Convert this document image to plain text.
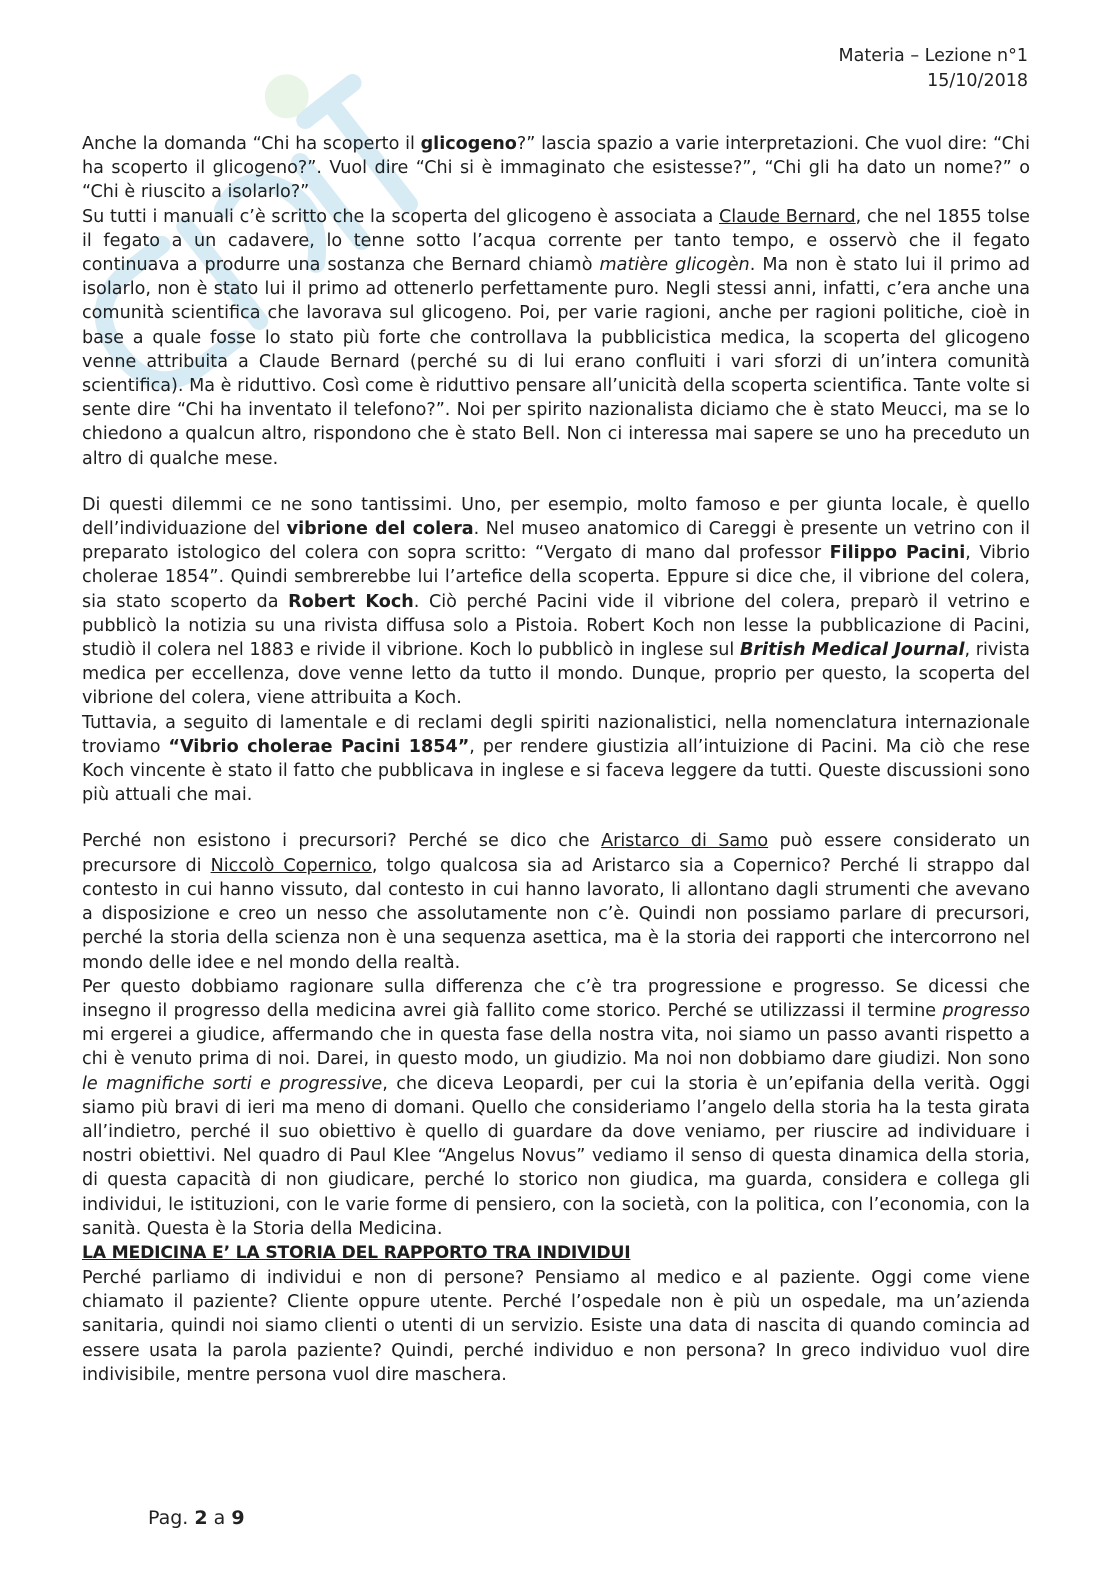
Materia – Lezione n°1
15/10/2018

Anche la domanda “Chi ha scoperto il glicogeno?” lascia spazio a varie interpretazioni. Che vuol dire: “Chi ha scoperto il glicogeno?”. Vuol dire “Chi si è immaginato che esistesse?”, “Chi gli ha dato un nome?” o “Chi è riuscito a isolarlo?”

Su tutti i manuali c’è scritto che la scoperta del glicogeno è associata a Claude Bernard, che nel 1855 tolse il fegato a un cadavere, lo tenne sotto l’acqua corrente per tanto tempo, e osservò che il fegato continuava a produrre una sostanza che Bernard chiamò matière glicogèn. Ma non è stato lui il primo ad isolarlo, non è stato lui il primo ad ottenerlo perfettamente puro. Negli stessi anni, infatti, c’era anche una comunità scientifica che lavorava sul glicogeno. Poi, per varie ragioni, anche per ragioni politiche, cioè in base a quale fosse lo stato più forte che controllava la pubblicistica medica, la scoperta del glicogeno venne attribuita a Claude Bernard (perché su di lui erano confluiti i vari sforzi di un’intera comunità scientifica). Ma è riduttivo. Così come è riduttivo pensare all’unicità della scoperta scientifica. Tante volte si sente dire “Chi ha inventato il telefono?”. Noi per spirito nazionalista diciamo che è stato Meucci, ma se lo chiedono a qualcun altro, rispondono che è stato Bell. Non ci interessa mai sapere se uno ha preceduto un altro di qualche mese.

Di questi dilemmi ce ne sono tantissimi. Uno, per esempio, molto famoso e per giunta locale, è quello dell’individuazione del vibrione del colera. Nel museo anatomico di Careggi è presente un vetrino con il preparato istologico del colera con sopra scritto: “Vergato di mano dal professor Filippo Pacini, Vibrio cholerae 1854”. Quindi sembrerebbe lui l’artefice della scoperta. Eppure si dice che, il vibrione del colera, sia stato scoperto da Robert Koch. Ciò perché Pacini vide il vibrione del colera, preparò il vetrino e pubblicò la notizia su una rivista diffusa solo a Pistoia. Robert Koch non lesse la pubblicazione di Pacini, studiò il colera nel 1883 e rivide il vibrione. Koch lo pubblicò in inglese sul British Medical Journal, rivista medica per eccellenza, dove venne letto da tutto il mondo. Dunque, proprio per questo, la scoperta del vibrione del colera, viene attribuita a Koch.

Tuttavia, a seguito di lamentale e di reclami degli spiriti nazionalistici, nella nomenclatura internazionale troviamo “Vibrio cholerae Pacini 1854”, per rendere giustizia all’intuizione di Pacini. Ma ciò che rese Koch vincente è stato il fatto che pubblicava in inglese e si faceva leggere da tutti. Queste discussioni sono più attuali che mai.

Perché non esistono i precursori? Perché se dico che Aristarco di Samo può essere considerato un precursore di Niccolò Copernico, tolgo qualcosa sia ad Aristarco sia a Copernico? Perché li strappo dal contesto in cui hanno vissuto, dal contesto in cui hanno lavorato, li allontano dagli strumenti che avevano a disposizione e creo un nesso che assolutamente non c’è. Quindi non possiamo parlare di precursori, perché la storia della scienza non è una sequenza asettica, ma è la storia dei rapporti che intercorrono nel mondo delle idee e nel mondo della realtà.

Per questo dobbiamo ragionare sulla differenza che c’è tra progressione e progresso. Se dicessi che insegno il progresso della medicina avrei già fallito come storico. Perché se utilizzassi il termine progresso mi ergerei a giudice, affermando che in questa fase della nostra vita, noi siamo un passo avanti rispetto a chi è venuto prima di noi. Darei, in questo modo, un giudizio. Ma noi non dobbiamo dare giudizi. Non sono le magnifiche sorti e progressive, che diceva Leopardi, per cui la storia è un’epifania della verità. Oggi siamo più bravi di ieri ma meno di domani. Quello che consideriamo l’angelo della storia ha la testa girata all’indietro, perché il suo obiettivo è quello di guardare da dove veniamo, per riuscire ad individuare i nostri obiettivi. Nel quadro di Paul Klee “Angelus Novus” vediamo il senso di questa dinamica della storia, di questa capacità di non giudicare, perché lo storico non giudica, ma guarda, considera e collega gli individui, le istituzioni, con le varie forme di pensiero, con la società, con la politica, con l’economia, con la sanità. Questa è la Storia della Medicina.

LA MEDICINA E’ LA STORIA DEL RAPPORTO TRA INDIVIDUI

Perché parliamo di individui e non di persone? Pensiamo al medico e al paziente. Oggi come viene chiamato il paziente? Cliente oppure utente. Perché l’ospedale non è più un ospedale, ma un’azienda sanitaria, quindi noi siamo clienti o utenti di un servizio. Esiste una data di nascita di quando comincia ad essere usata la parola paziente? Quindi, perché individuo e non persona? In greco individuo vuol dire indivisibile, mentre persona vuol dire maschera.

Pag. 2 a 9
